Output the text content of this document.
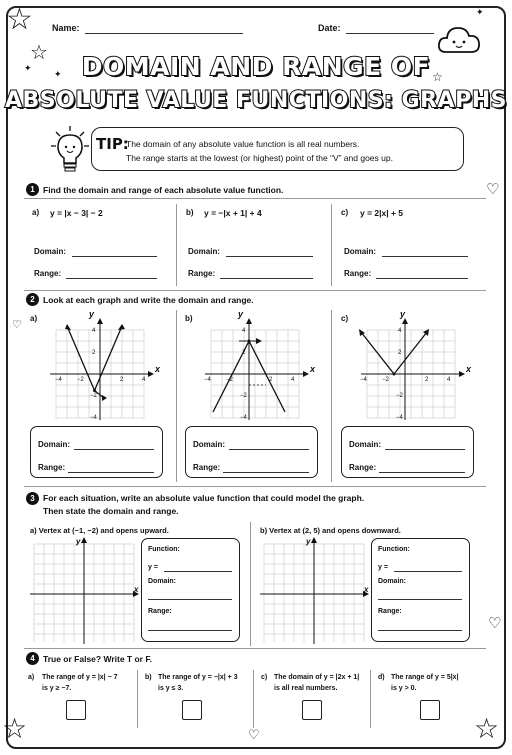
☆
☆
✦
✦	☆
✦
♡
♡
♡
♡
☆	☆
Name:	Date:
DOMAIN AND RANGE OF
ABSOLUTE VALUE FUNCTIONS: GRAPHS
TIP:
The domain of any absolute value function is all real numbers.
The range starts at the lowest (or highest) point of the “V” and goes up.
1 Find the domain and range of each absolute value function.
a) y = |x − 3| − 2	b) y = −|x + 1| + 4	c) y = 2|x| + 5
Domain:
Range:
Domain:
Range:
Domain:
Range:
2 Look at each graph and write the domain and range.
a)	b)	c)
y
x
−4	−2	2	4
4
2
−2
−4
y
x
−4	−2	2	4
4
2
−2
−4
y
x
−4	−2	2	4
4
2
−2
−4
Domain:
Range:
Domain:
Range:
Domain:
Range:
3 For each situation, write an absolute value function that could model the graph.
Then state the domain and range.
a) Vertex at (−1, −2) and opens upward.	b) Vertex at (2, 5) and opens downward.
y
x
y
x
Function:
y =
Domain:
Range:
Function:
y =
Domain:
Range:
4 True or False? Write T or F.
a) The range of y = |x| − 7
is y ≥ −7.
b) The range of y = −|x| + 3
is y ≤ 3.
c) The domain of y = |2x + 1|
is all real numbers.
d) The range of y = 5|x|
is y > 0.
